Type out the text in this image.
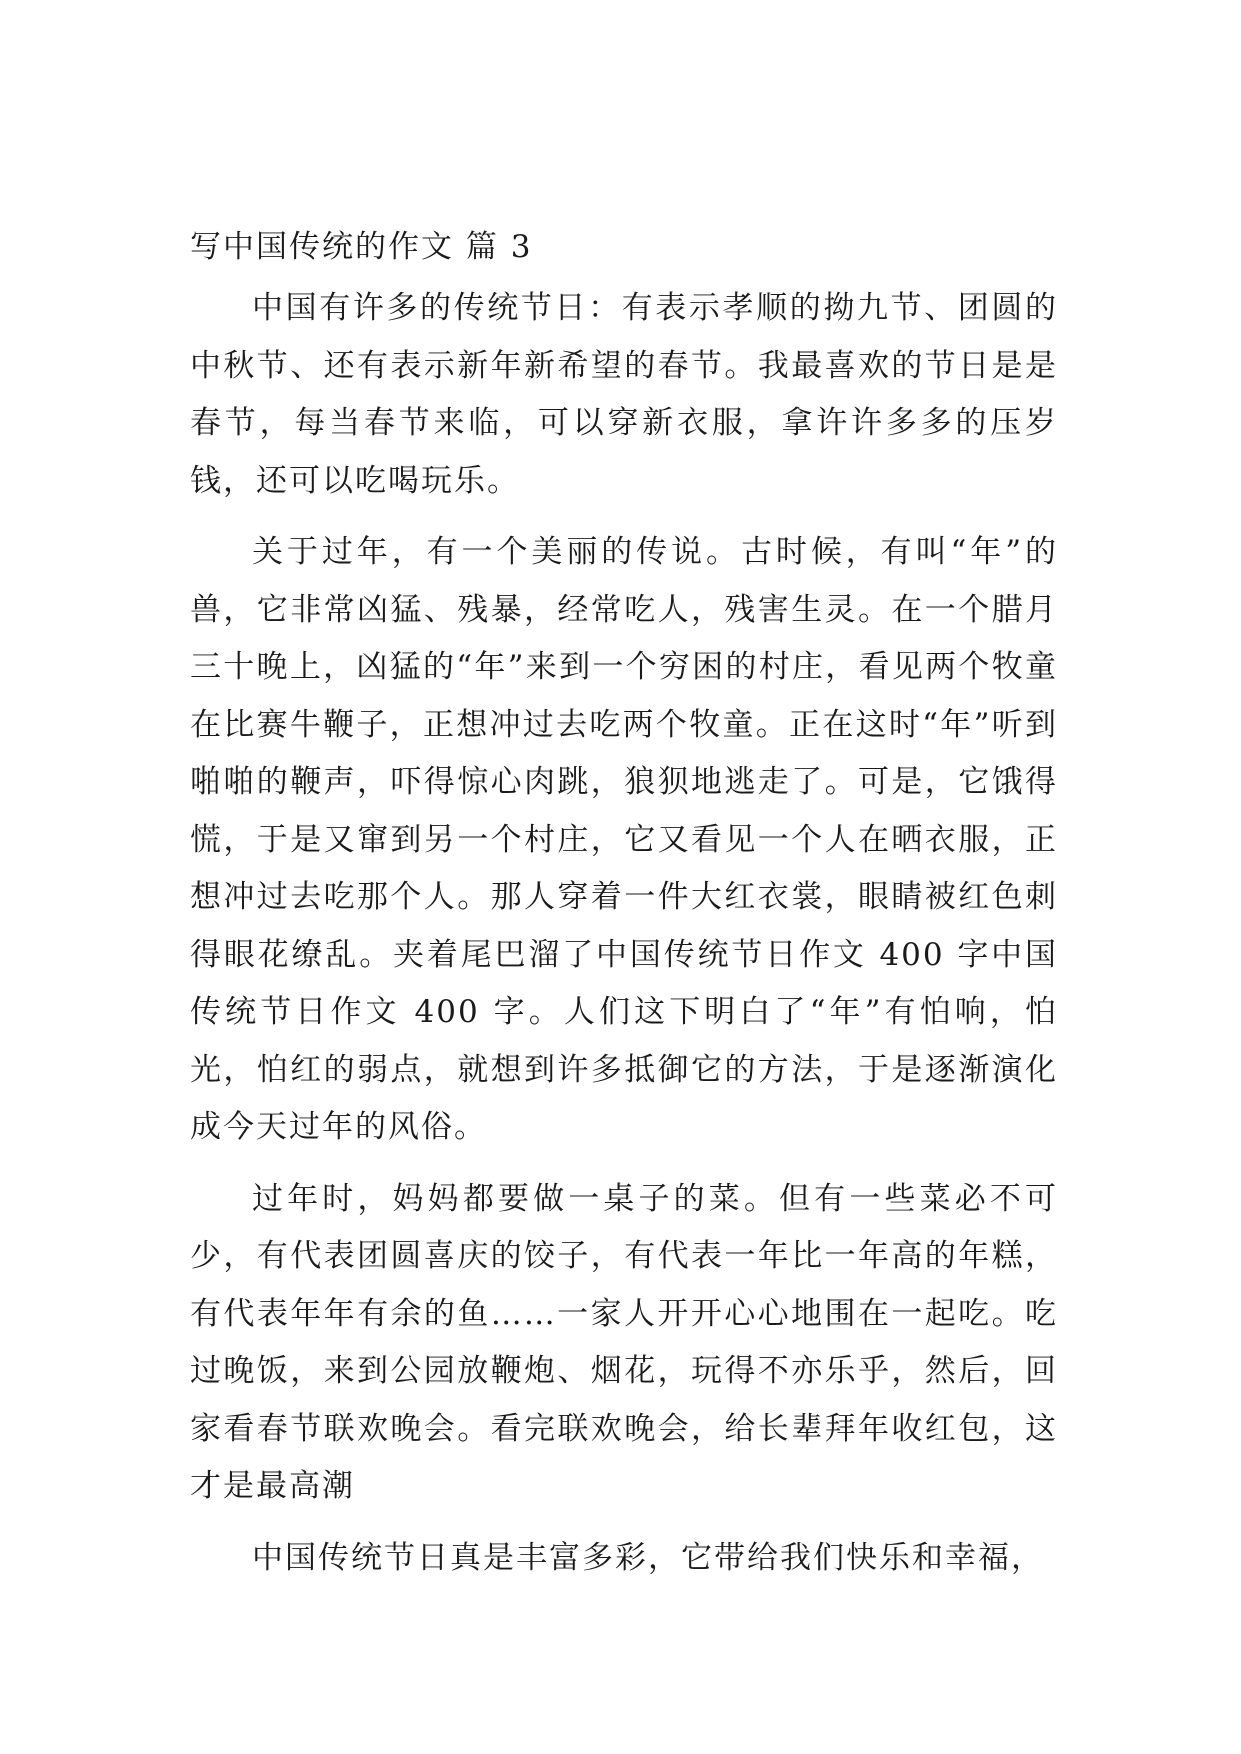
写中国传统的作文 篇 3

中国有许多的传统节日：有表示孝顺的拗九节、团圆的中秋节、还有表示新年新希望的春节。我最喜欢的节日是是春节，每当春节来临，可以穿新衣服，拿许许多多的压岁钱，还可以吃喝玩乐。

关于过年，有一个美丽的传说。古时候，有叫“年”的兽，它非常凶猛、残暴，经常吃人，残害生灵。在一个腊月三十晚上，凶猛的“年”来到一个穷困的村庄，看见两个牧童在比赛牛鞭子，正想冲过去吃两个牧童。正在这时“年”听到啪啪的鞭声，吓得惊心肉跳，狼狈地逃走了。可是，它饿得慌，于是又窜到另一个村庄，它又看见一个人在晒衣服，正想冲过去吃那个人。那人穿着一件大红衣裳，眼睛被红色刺得眼花缭乱。夹着尾巴溜了中国传统节日作文 400 字中国传统节日作文 400 字。人们这下明白了“年”有怕响，怕光，怕红的弱点，就想到许多抵御它的方法，于是逐渐演化成今天过年的风俗。

过年时，妈妈都要做一桌子的菜。但有一些菜必不可少，有代表团圆喜庆的饺子，有代表一年比一年高的年糕，有代表年年有余的鱼……一家人开开心心地围在一起吃。吃过晚饭，来到公园放鞭炮、烟花，玩得不亦乐乎，然后，回家看春节联欢晚会。看完联欢晚会，给长辈拜年收红包，这才是最高潮

中国传统节日真是丰富多彩，它带给我们快乐和幸福，
